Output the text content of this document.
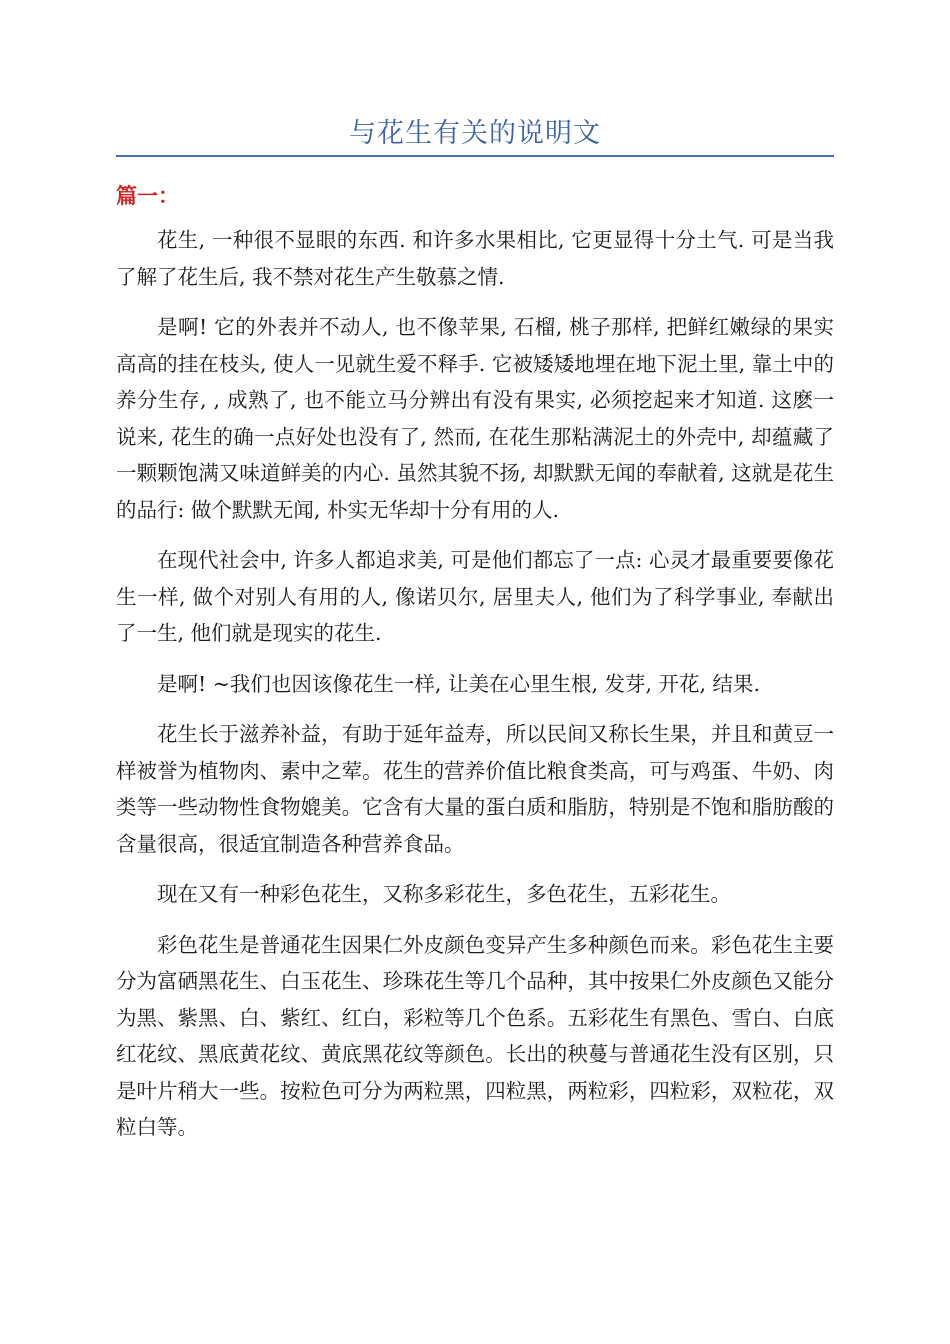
与花生有关的说明文
篇一：

花生, 一种很不显眼的东西. 和许多水果相比, 它更显得十分土气. 可是当我了解了花生后, 我不禁对花生产生敬慕之情.

是啊! 它的外表并不动人, 也不像苹果, 石榴, 桃子那样, 把鲜红嫩绿的果实高高的挂在枝头, 使人一见就生爱不释手. 它被矮矮地埋在地下泥土里, 靠土中的养分生存, , 成熟了, 也不能立马分辨出有没有果实, 必须挖起来才知道. 这麽一说来, 花生的确一点好处也没有了, 然而, 在花生那粘满泥土的外壳中, 却蕴藏了一颗颗饱满又味道鲜美的内心. 虽然其貌不扬, 却默默无闻的奉献着, 这就是花生的品行: 做个默默无闻, 朴实无华却十分有用的人.

在现代社会中, 许多人都追求美, 可是他们都忘了一点: 心灵才最重要要像花生一样, 做个对别人有用的人, 像诺贝尔, 居里夫人, 他们为了科学事业, 奉献出了一生, 他们就是现实的花生.

是啊! ~我们也因该像花生一样, 让美在心里生根, 发芽, 开花, 结果.

花生长于滋养补益，有助于延年益寿，所以民间又称长生果，并且和黄豆一样被誉为植物肉、素中之荤。花生的营养价值比粮食类高，可与鸡蛋、牛奶、肉类等一些动物性食物媲美。它含有大量的蛋白质和脂肪，特别是不饱和脂肪酸的含量很高，很适宜制造各种营养食品。

现在又有一种彩色花生，又称多彩花生，多色花生，五彩花生。

彩色花生是普通花生因果仁外皮颜色变异产生多种颜色而来。彩色花生主要分为富硒黑花生、白玉花生、珍珠花生等几个品种，其中按果仁外皮颜色又能分为黑、紫黑、白、紫红、红白，彩粒等几个色系。五彩花生有黑色、雪白、白底红花纹、黑底黄花纹、黄底黑花纹等颜色。长出的秧蔓与普通花生没有区别，只是叶片稍大一些。按粒色可分为两粒黑，四粒黑，两粒彩，四粒彩，双粒花，双粒白等。
